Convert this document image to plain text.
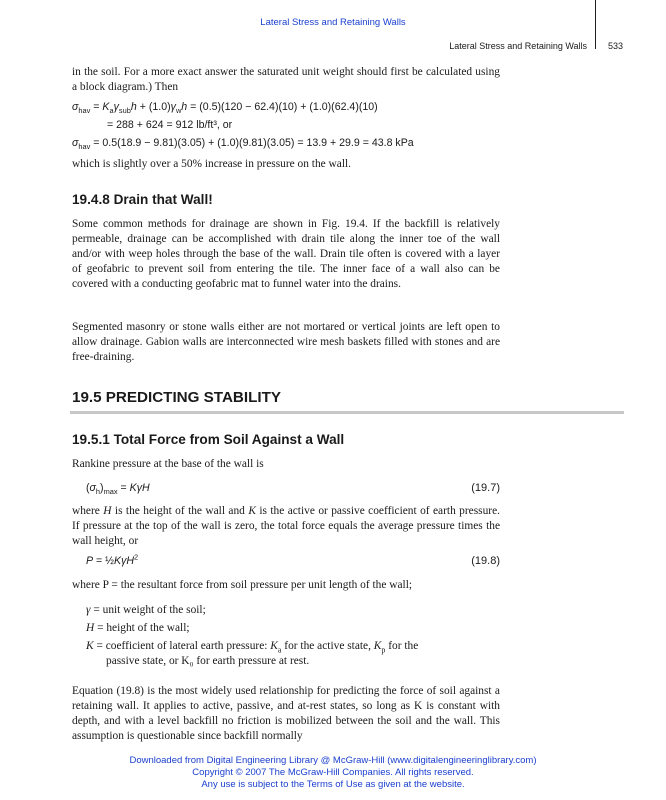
Lateral Stress and Retaining Walls
Lateral Stress and Retaining Walls 533
in the soil. For a more exact answer the saturated unit weight should first be calculated using a block diagram.) Then
$\sigma_{hav} = K_a\gamma_{sub}h + (1.0)\gamma_wh = (0.5)(120 - 62.4)(10) + (1.0)(62.4)(10)$
= 288 + 624 = 912 lb/ft³, or
$\sigma_{hav} = 0.5(18.9 - 9.81)(3.05) + (1.0)(9.81)(3.05) = 13.9 + 29.9 = 43.8$ kPa
which is slightly over a 50% increase in pressure on the wall.
19.4.8 Drain that Wall!
Some common methods for drainage are shown in Fig. 19.4. If the backfill is relatively permeable, drainage can be accomplished with drain tile along the inner toe of the wall and/or with weep holes through the base of the wall. Drain tile often is covered with a layer of geofabric to prevent soil from entering the tile. The inner face of a wall also can be covered with a conducting geofabric mat to funnel water into the drains.
Segmented masonry or stone walls either are not mortared or vertical joints are left open to allow drainage. Gabion walls are interconnected wire mesh baskets filled with stones and are free-draining.
19.5 PREDICTING STABILITY
19.5.1 Total Force from Soil Against a Wall
Rankine pressure at the base of the wall is
$(\sigma_h)_{max} = K\gamma H$	(19.7)
where H is the height of the wall and K is the active or passive coefficient of earth pressure. If pressure at the top of the wall is zero, the total force equals the average pressure times the wall height, or
P = ½KγH$^2$	(19.8)
where P = the resultant force from soil pressure per unit length of the wall;
γ = unit weight of the soil;
H = height of the wall;
K = coefficient of lateral earth pressure: $K_a$ for the active state, $K_p$ for the
passive state, or K₀ for earth pressure at rest.
Equation (19.8) is the most widely used relationship for predicting the force of soil against a retaining wall. It applies to active, passive, and at-rest states, so long as K is constant with depth, and with a level backfill no friction is mobilized between the soil and the wall. This assumption is questionable since backfill normally
Downloaded from Digital Engineering Library @ McGraw-Hill (www.digitalengineeringlibrary.com)
Copyright © 2007 The McGraw-Hill Companies. All rights reserved.
Any use is subject to the Terms of Use as given at the website.
